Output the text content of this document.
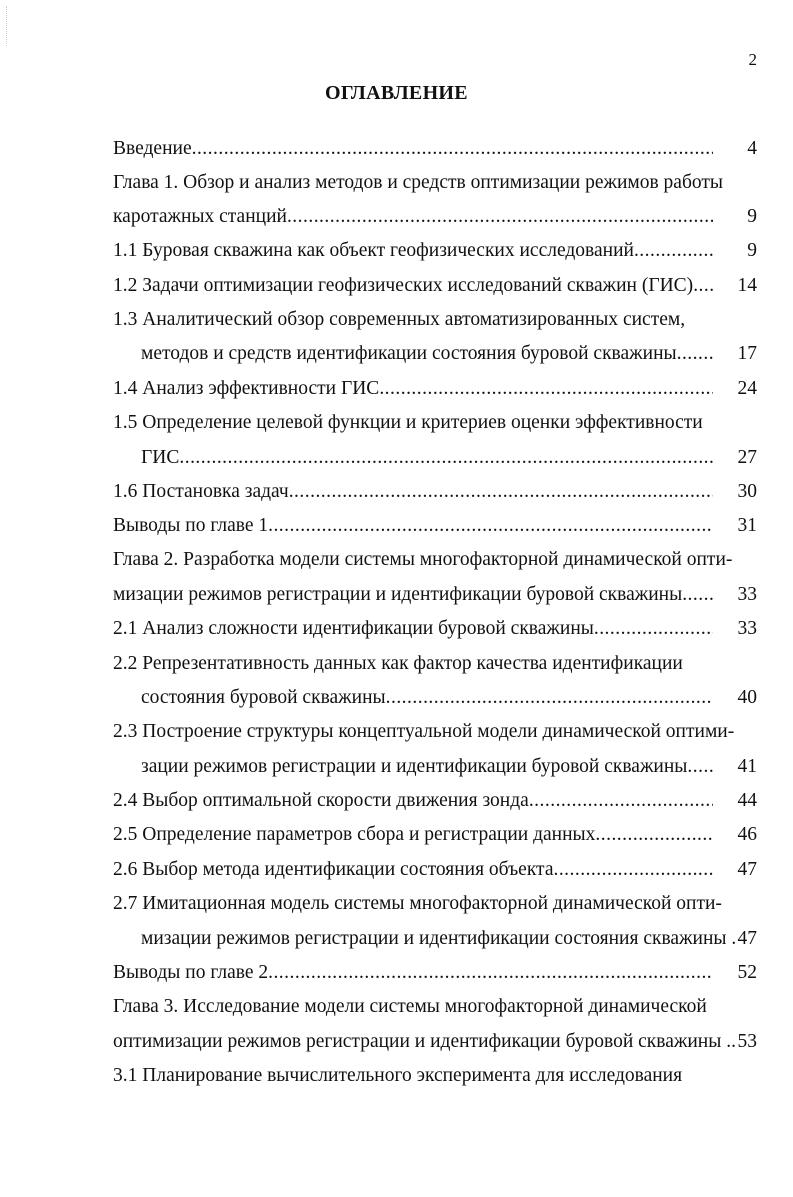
2
ОГЛАВЛЕНИЕ
Введение . . .	4
Глава 1. Обзор и анализ методов и средств оптимизации режимов работы
каротажных станций . . .	9
1.1 Буровая скважина как объект геофизических исследований . . .	9
1.2 Задачи оптимизации геофизических исследований скважин (ГИС) . . . 14
1.3 Аналитический обзор современных автоматизированных систем,
методов и средств идентификации состояния буровой скважины . . .	17
1.4 Анализ эффективности ГИС . . .	24
1.5 Определение целевой функции и критериев оценки эффективности
ГИС . . .	27
1.6 Постановка задач . . .	30
Выводы по главе 1 . . .	31
Глава 2. Разработка модели системы многофакторной динамической опти-
мизации режимов регистрации и идентификации буровой скважины . . .	33
2.1 Анализ сложности идентификации буровой скважины . . .	33
2.2 Репрезентативность данных как фактор качества идентификации
состояния буровой скважины . . .	40
2.3 Построение структуры концептуальной модели динамической оптими-
зации режимов регистрации и идентификации буровой скважины . . .	41
2.4 Выбор оптимальной скорости движения зонда . . .	44
2.5 Определение параметров сбора и регистрации данных . . .	46
2.6 Выбор метода идентификации состояния объекта . . .	47
2.7 Имитационная модель системы многофакторной динамической опти-
мизации режимов регистрации и идентификации состояния скважины . 47
Выводы по главе 2 . . .	52
Глава 3. Исследование модели системы многофакторной динамической
оптимизации режимов регистрации и идентификации буровой скважины .. 53
3.1 Планирование вычислительного эксперимента для исследования
